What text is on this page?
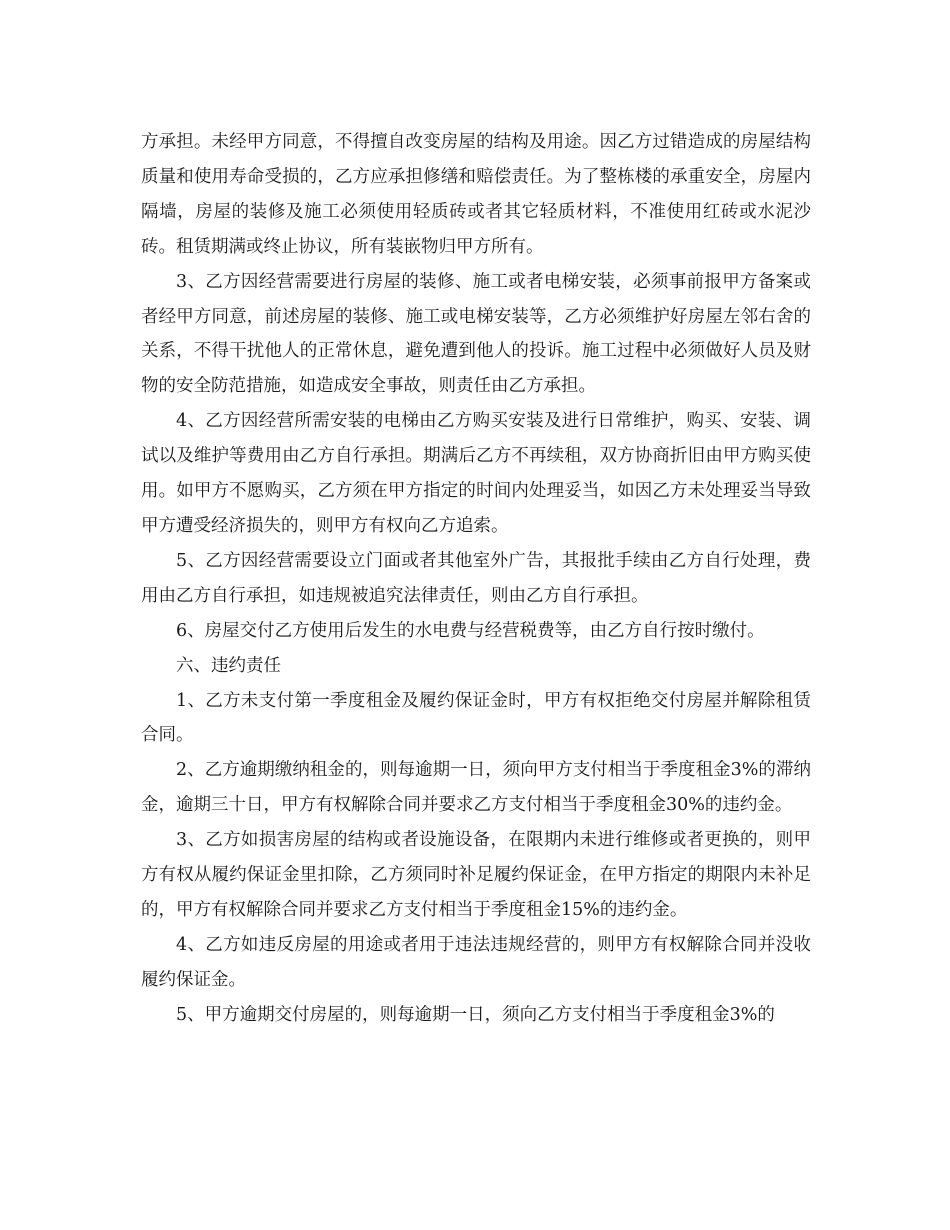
方承担。未经甲方同意，不得擅自改变房屋的结构及用途。因乙方过错造成的房屋结构质量和使用寿命受损的，乙方应承担修缮和赔偿责任。为了整栋楼的承重安全，房屋内隔墙，房屋的装修及施工必须使用轻质砖或者其它轻质材料，不准使用红砖或水泥沙砖。租赁期满或终止协议，所有装嵌物归甲方所有。

3、乙方因经营需要进行房屋的装修、施工或者电梯安装，必须事前报甲方备案或者经甲方同意，前述房屋的装修、施工或电梯安装等，乙方必须维护好房屋左邻右舍的关系，不得干扰他人的正常休息，避免遭到他人的投诉。施工过程中必须做好人员及财物的安全防范措施，如造成安全事故，则责任由乙方承担。

4、乙方因经营所需安装的电梯由乙方购买安装及进行日常维护，购买、安装、调试以及维护等费用由乙方自行承担。期满后乙方不再续租，双方协商折旧由甲方购买使用。如甲方不愿购买，乙方须在甲方指定的时间内处理妥当，如因乙方未处理妥当导致甲方遭受经济损失的，则甲方有权向乙方追索。

5、乙方因经营需要设立门面或者其他室外广告，其报批手续由乙方自行处理，费用由乙方自行承担，如违规被追究法律责任，则由乙方自行承担。

6、房屋交付乙方使用后发生的水电费与经营税费等，由乙方自行按时缴付。

六、违约责任

1、乙方未支付第一季度租金及履约保证金时，甲方有权拒绝交付房屋并解除租赁合同。

2、乙方逾期缴纳租金的，则每逾期一日，须向甲方支付相当于季度租金3%的滞纳金，逾期三十日，甲方有权解除合同并要求乙方支付相当于季度租金30%的违约金。

3、乙方如损害房屋的结构或者设施设备，在限期内未进行维修或者更换的，则甲方有权从履约保证金里扣除，乙方须同时补足履约保证金，在甲方指定的期限内未补足的，甲方有权解除合同并要求乙方支付相当于季度租金15%的违约金。

4、乙方如违反房屋的用途或者用于违法违规经营的，则甲方有权解除合同并没收履约保证金。

5、甲方逾期交付房屋的，则每逾期一日，须向乙方支付相当于季度租金3%的
